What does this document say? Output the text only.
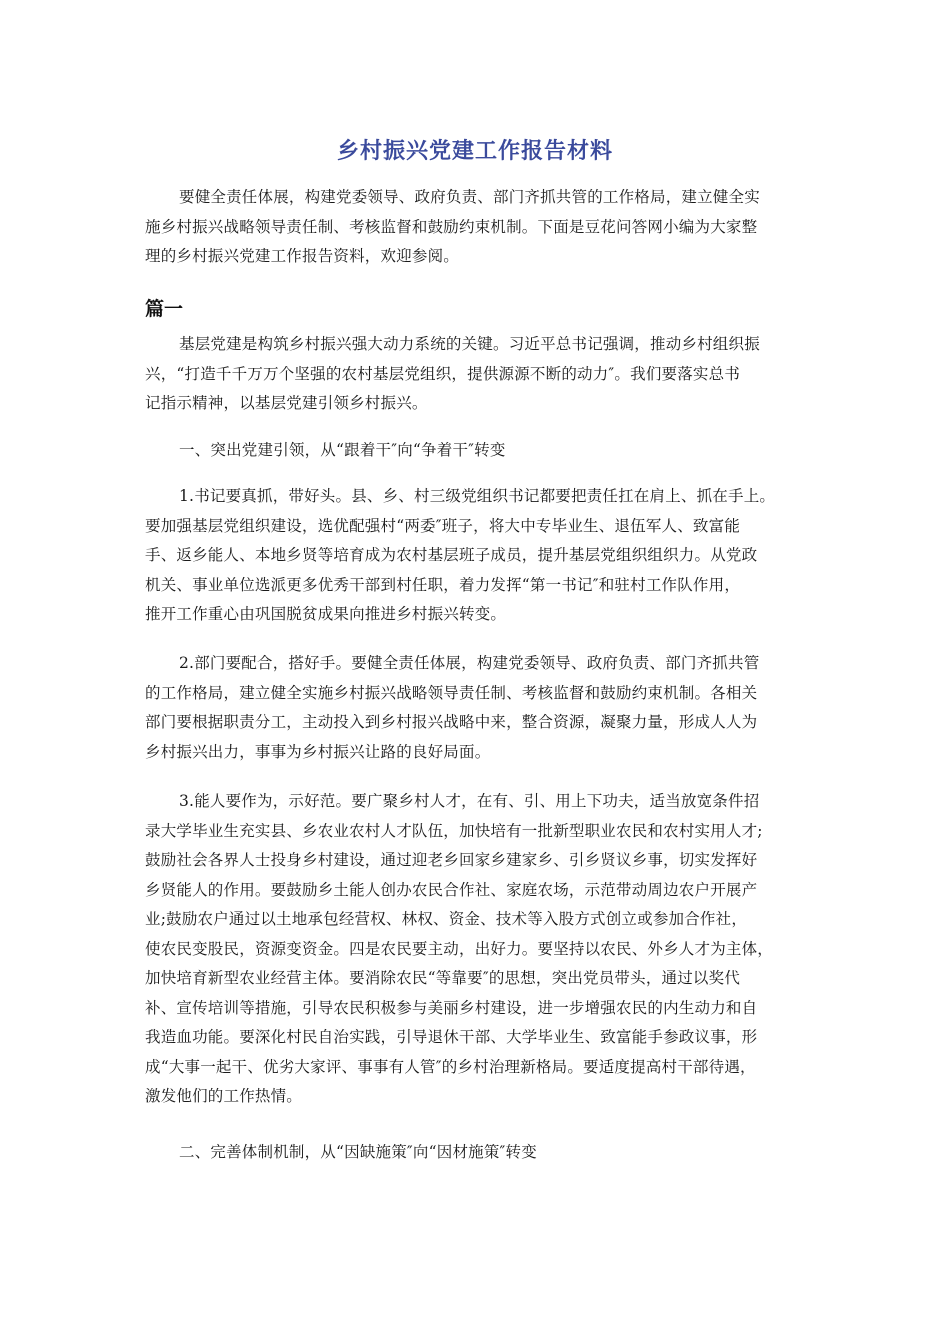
乡村振兴党建工作报告材料
要健全责任体展，构建党委领导、政府负责、部门齐抓共管的工作格局，建立健全实
施乡村振兴战略领导责任制、考核监督和鼓励约束机制。下面是豆花问答网小编为大家整
理的乡村振兴党建工作报告资料，欢迎参阅。
篇一
基层党建是构筑乡村振兴强大动力系统的关键。习近平总书记强调，推动乡村组织振
兴，“打造千千万万个坚强的农村基层党组织，提供源源不断的动力″。我们要落实总书
记指示精神，以基层党建引领乡村振兴。
一、突出党建引领，从“跟着干″向“争着干″转变
1.书记要真抓，带好头。县、乡、村三级党组织书记都要把责任扛在肩上、抓在手上。
要加强基层党组织建设，选优配强村“两委″班子，将大中专毕业生、退伍军人、致富能
手、返乡能人、本地乡贤等培育成为农村基层班子成员，提升基层党组织组织力。从党政
机关、事业单位选派更多优秀干部到村任职，着力发挥“第一书记″和驻村工作队作用，
推开工作重心由巩国脱贫成果向推进乡村振兴转变。
2.部门要配合，搭好手。要健全责任体展，构建党委领导、政府负责、部门齐抓共管
的工作格局，建立健全实施乡村振兴战略领导责任制、考核监督和鼓励约束机制。各相关
部门要根据职责分工，主动投入到乡村报兴战略中来，整合资源，凝聚力量，形成人人为
乡村振兴出力，事事为乡村振兴让路的良好局面。
3.能人要作为，示好范。要广聚乡村人才，在有、引、用上下功夫，适当放宽条件招
录大学毕业生充实县、乡农业农村人才队伍，加快培有一批新型职业农民和农村实用人才;
鼓励社会各界人士投身乡村建设，通过迎老乡回家乡建家乡、引乡贤议乡事，切实发挥好
乡贤能人的作用。要鼓励乡土能人创办农民合作社、家庭农场，示范带动周边农户开展产
业;鼓励农户通过以土地承包经营权、林权、资金、技术等入股方式创立或参加合作社，
使农民变股民，资源变资金。四是农民要主动，出好力。要坚持以农民、外乡人才为主体，
加快培育新型农业经营主体。要消除农民“等靠要″的思想，突出党员带头，通过以奖代
补、宣传培训等措施，引导农民积极参与美丽乡村建设，进一步增强农民的内生动力和自
我造血功能。要深化村民自治实践，引导退休干部、大学毕业生、致富能手参政议事，形
成“大事一起干、优劣大家评、事事有人管″的乡村治理新格局。要适度提高村干部待遇，
激发他们的工作热情。
二、完善体制机制，从“因缺施策″向“因材施策″转变
